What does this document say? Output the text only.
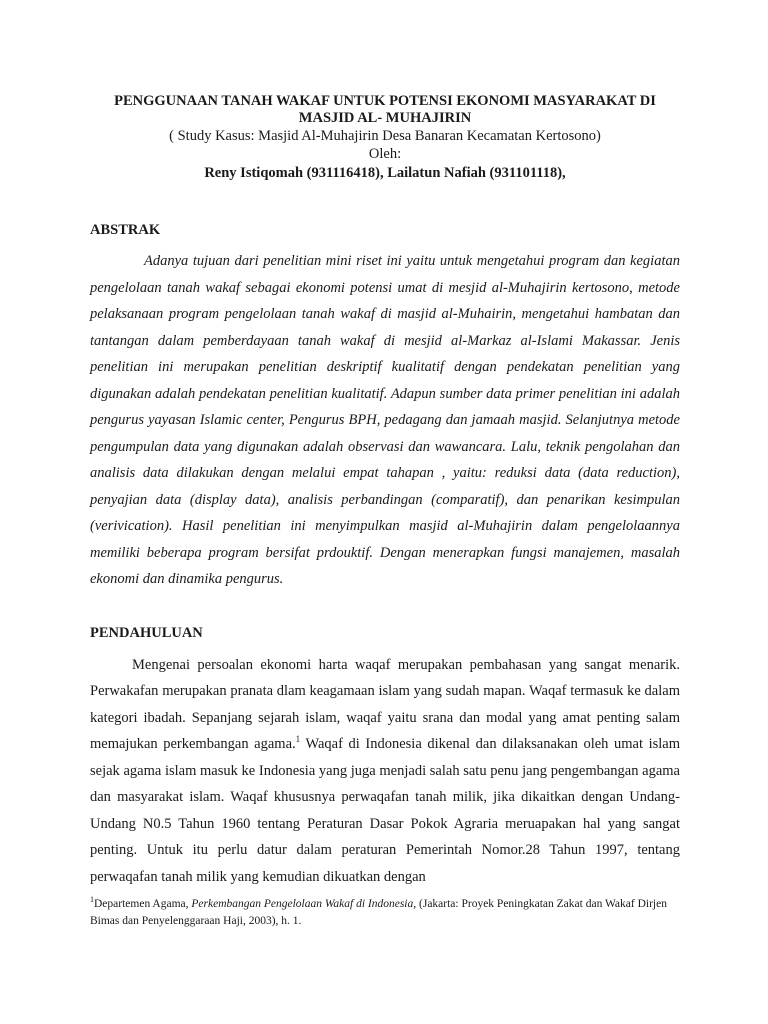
PENGGUNAAN TANAH WAKAF UNTUK POTENSI EKONOMI MASYARAKAT DI
MASJID AL- MUHAJIRIN

( Study Kasus: Masjid Al-Muhajirin Desa Banaran Kecamatan Kertosono)

Oleh:

Reny Istiqomah (931116418), Lailatun Nafiah (931101118),

ABSTRAK

Adanya tujuan dari penelitian mini riset ini yaitu untuk mengetahui program dan kegiatan pengelolaan tanah wakaf sebagai ekonomi potensi umat di mesjid al-Muhajirin kertosono, metode pelaksanaan program pengelolaan tanah wakaf di masjid al-Muhairin, mengetahui hambatan dan tantangan dalam pemberdayaan tanah wakaf di mesjid al-Markaz al-Islami Makassar. Jenis penelitian ini merupakan penelitian deskriptif kualitatif dengan pendekatan penelitian yang digunakan adalah pendekatan penelitian kualitatif. Adapun sumber data primer penelitian ini adalah pengurus yayasan Islamic center, Pengurus BPH, pedagang dan jamaah masjid. Selanjutnya metode pengumpulan data yang digunakan adalah observasi dan wawancara. Lalu, teknik pengolahan dan analisis data dilakukan dengan melalui empat tahapan , yaitu: reduksi data (data reduction), penyajian data (display data), analisis perbandingan (comparatif), dan penarikan kesimpulan (verivication). Hasil penelitian ini menyimpulkan masjid al-Muhajirin dalam pengelolaannya memiliki beberapa program bersifat prdouktif. Dengan menerapkan fungsi manajemen, masalah ekonomi dan dinamika pengurus.

PENDAHULUAN

Mengenai persoalan ekonomi harta waqaf merupakan pembahasan yang sangat menarik. Perwakafan merupakan pranata dlam keagamaan islam yang sudah mapan. Waqaf termasuk ke dalam kategori ibadah. Sepanjang sejarah islam, waqaf yaitu srana dan modal yang amat penting salam memajukan perkembangan agama.$^1$ Waqaf di Indonesia dikenal dan dilaksanakan oleh umat islam sejak agama islam masuk ke Indonesia yang juga menjadi salah satu penu jang pengembangan agama dan masyarakat islam. Waqaf khususnya perwaqafan tanah milik, jika dikaitkan dengan Undang-Undang N0.5 Tahun 1960 tentang Peraturan Dasar Pokok Agraria meruapakan hal yang sangat penting. Untuk itu perlu datur dalam peraturan Pemerintah Nomor.28 Tahun 1997, tentang perwaqafan tanah milik yang kemudian dikuatkan dengan

$^1$Departemen Agama, Perkembangan Pengelolaan Wakaf di Indonesia, (Jakarta: Proyek Peningkatan Zakat dan Wakaf Dirjen Bimas dan Penyelenggaraan Haji, 2003), h. 1.
